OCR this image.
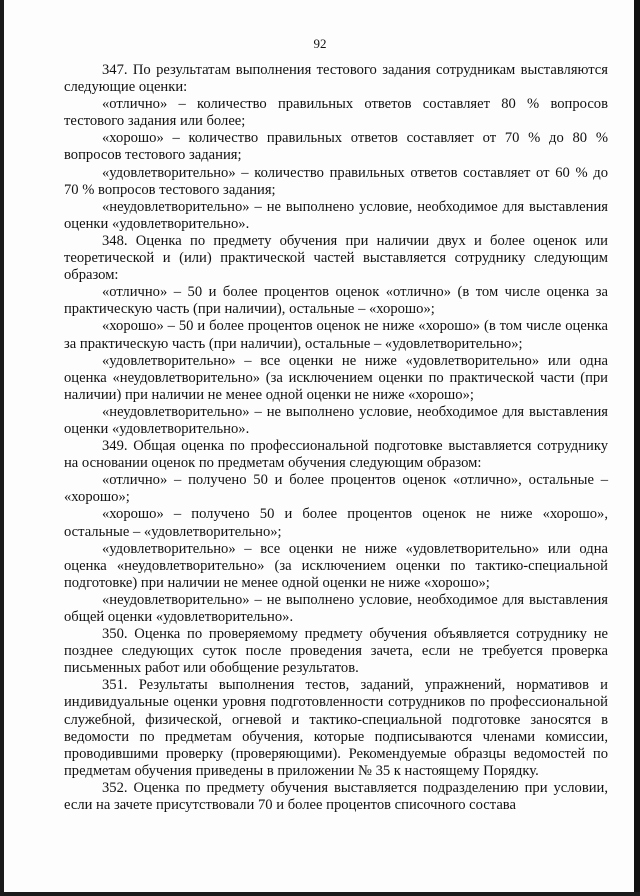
92

347. По результатам выполнения тестового задания сотрудникам выставляются следующие оценки:

«отлично» – количество правильных ответов составляет 80 % вопросов тестового задания или более;

«хорошо» – количество правильных ответов составляет от 70 % до 80 % вопросов тестового задания;

«удовлетворительно» – количество правильных ответов составляет от 60 % до 70 % вопросов тестового задания;

«неудовлетворительно» – не выполнено условие, необходимое для выставления оценки «удовлетворительно».

348. Оценка по предмету обучения при наличии двух и более оценок или теоретической и (или) практической частей выставляется сотруднику следующим образом:

«отлично» – 50 и более процентов оценок «отлично» (в том числе оценка за практическую часть (при наличии), остальные – «хорошо»;

«хорошо» – 50 и более процентов оценок не ниже «хорошо» (в том числе оценка за практическую часть (при наличии), остальные – «удовлетворительно»;

«удовлетворительно» – все оценки не ниже «удовлетворительно» или одна оценка «неудовлетворительно» (за исключением оценки по практической части (при наличии) при наличии не менее одной оценки не ниже «хорошо»;

«неудовлетворительно» – не выполнено условие, необходимое для выставления оценки «удовлетворительно».

349. Общая оценка по профессиональной подготовке выставляется сотруднику на основании оценок по предметам обучения следующим образом:

«отлично» – получено 50 и более процентов оценок «отлично», остальные – «хорошо»;

«хорошо» – получено 50 и более процентов оценок не ниже «хорошо», остальные – «удовлетворительно»;

«удовлетворительно» – все оценки не ниже «удовлетворительно» или одна оценка «неудовлетворительно» (за исключением оценки по тактико-специальной подготовке) при наличии не менее одной оценки не ниже «хорошо»;

«неудовлетворительно» – не выполнено условие, необходимое для выставления общей оценки «удовлетворительно».

350. Оценка по проверяемому предмету обучения объявляется сотруднику не позднее следующих суток после проведения зачета, если не требуется проверка письменных работ или обобщение результатов.

351. Результаты выполнения тестов, заданий, упражнений, нормативов и индивидуальные оценки уровня подготовленности сотрудников по профессиональной служебной, физической, огневой и тактико-специальной подготовке заносятся в ведомости по предметам обучения, которые подписываются членами комиссии, проводившими проверку (проверяющими). Рекомендуемые образцы ведомостей по предметам обучения приведены в приложении № 35 к настоящему Порядку.

352. Оценка по предмету обучения выставляется подразделению при условии, если на зачете присутствовали 70 и более процентов списочного состава
